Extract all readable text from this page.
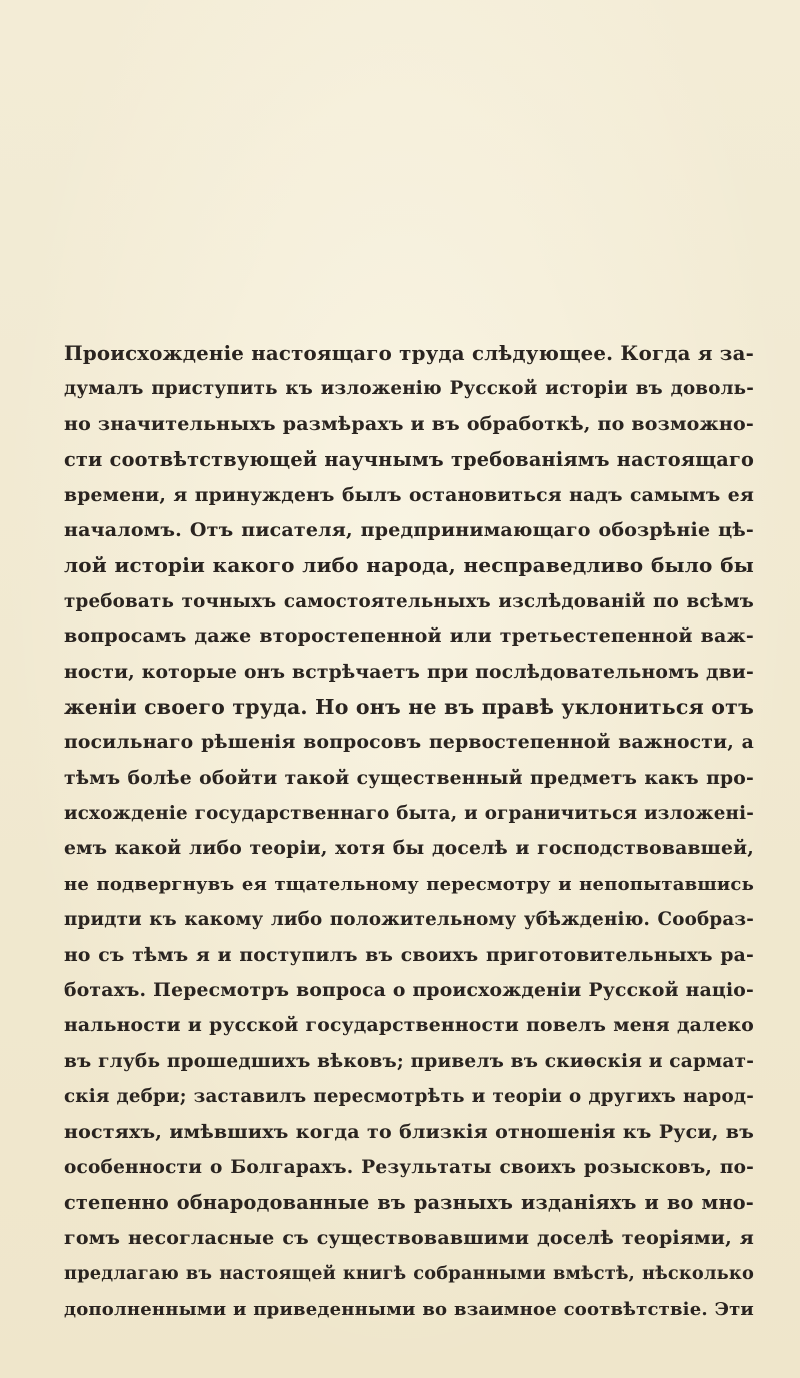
Происхожденіе настоящаго труда слѣдующее. Когда я за-
думалъ приступить къ изложенію Русской исторіи въ доволь-
но значительныхъ размѣрахъ и въ обработкѣ, по возможно-
сти соотвѣтствующей научнымъ требованіямъ настоящаго
времени, я принужденъ былъ остановиться надъ самымъ ея
началомъ. Отъ писателя, предпринимающаго обозрѣніе цѣ-
лой исторіи какого либо народа, несправедливо было бы
требовать точныхъ самостоятельныхъ изслѣдованій по всѣмъ
вопросамъ даже второстепенной или третьестепенной важ-
ности, которые онъ встрѣчаетъ при послѣдовательномъ дви-
женіи своего труда. Но онъ не въ правѣ уклониться отъ
посильнаго рѣшенія вопросовъ первостепенной важности, а
тѣмъ болѣе обойти такой существенный предметъ какъ про-
исхожденіе государственнаго быта, и ограничиться изложені-
емъ какой либо теоріи, хотя бы доселѣ и господствовавшей,
не подвергнувъ ея тщательному пересмотру и непопытавшись
придти къ какому либо положительному убѣжденію. Сообраз-
но съ тѣмъ я и поступилъ въ своихъ приготовительныхъ ра-
ботахъ. Пересмотръ вопроса о происхожденіи Русской націо-
нальности и русской государственности повелъ меня далеко
въ глубь прошедшихъ вѣковъ; привелъ въ скиѳскія и сармат-
скія дебри; заставилъ пересмотрѣть и теоріи о другихъ народ-
ностяхъ, имѣвшихъ когда то близкія отношенія къ Руси, въ
особенности о Болгарахъ. Результаты своихъ розысковъ, по-
степенно обнародованные въ разныхъ изданіяхъ и во мно-
гомъ несогласные съ существовавшими доселѣ теоріями, я
предлагаю въ настоящей книгѣ собранными вмѣстѣ, нѣсколько
дополненными и приведенными во взаимное соотвѣтствіе. Эти
